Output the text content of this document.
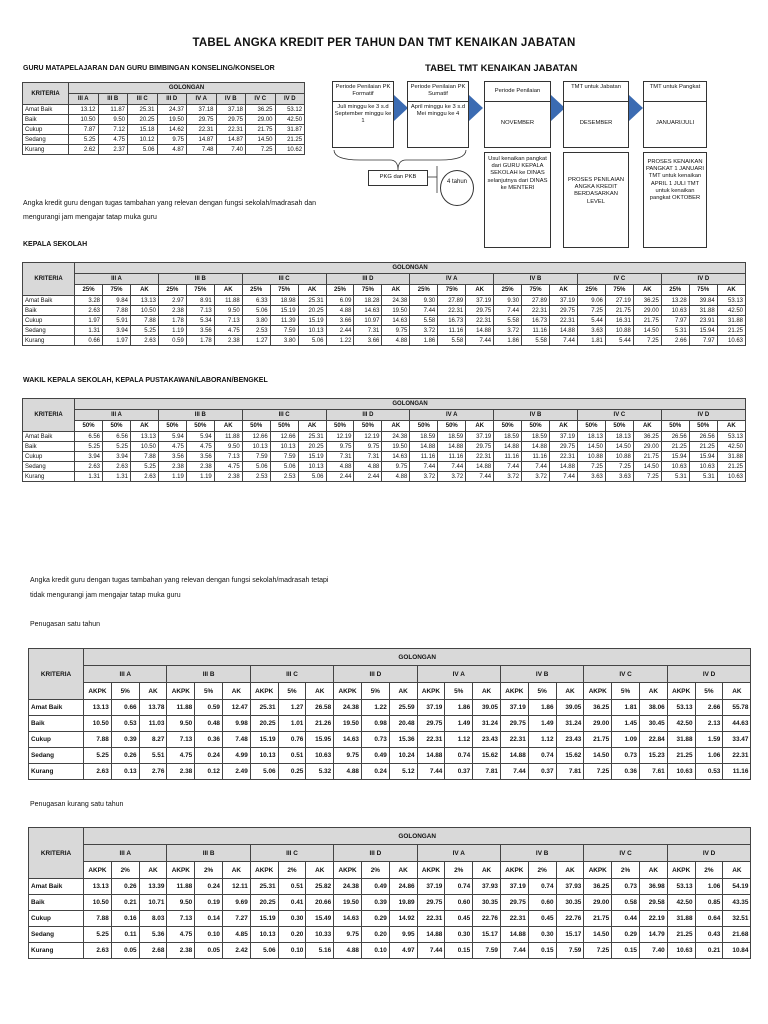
TABEL ANGKA KREDIT PER TAHUN DAN TMT KENAIKAN JABATAN
GURU MATAPELAJARAN DAN GURU BIMBINGAN KONSELING/KONSELOR	TABEL TMT KENAIKAN JABATAN
KRITERIA	GOLONGAN							
	III A	III B	III C	III D	IV A	IV B	IV C	IV D
Amat Baik	13.12	11.87	25.31	24.37	37.18	37.18	36.25	53.12
Baik	10.50	9.50	20.25	19.50	29.75	29.75	29.00	42.50
Cukup	7.87	7.12	15.18	14.62	22.31	22.31	21.75	31.87
Sedang	5.25	4.75	10.12	9.75	14.87	14.87	14.50	21.25
Kurang	2.62	2.37	5.06	4.87	7.48	7.40	7.25	10.62
Angka kredit guru dengan tugas tambahan yang relevan dengan fungsi sekolah/madrasah dan
mengurangi jam mengajar tatap muka guru
KEPALA SEKOLAH
KRITERIA	GOLONGAN																							
	III A			III B			III C			III D			IV A			IV B			IV C			IV D		
	25%	75%	AK	25%	75%	AK	25%	75%	AK	25%	75%	AK	25%	75%	AK	25%	75%	AK	25%	75%	AK	25%	75%	AK
Amat Baik	3.28	9.84	13.13	2.97	8.91	11.88	6.33	18.98	25.31	6.09	18.28	24.38	9.30	27.89	37.19	9.30	27.89	37.19	9.06	27.19	36.25	13.28	39.84	53.13
Baik	2.63	7.88	10.50	2.38	7.13	9.50	5.06	15.19	20.25	4.88	14.63	19.50	7.44	22.31	29.75	7.44	22.31	29.75	7.25	21.75	29.00	10.63	31.88	42.50
Cukup	1.97	5.91	7.88	1.78	5.34	7.13	3.80	11.39	15.19	3.66	10.97	14.63	5.58	16.73	22.31	5.58	16.73	22.31	5.44	16.31	21.75	7.97	23.91	31.88
Sedang	1.31	3.94	5.25	1.19	3.56	4.75	2.53	7.59	10.13	2.44	7.31	9.75	3.72	11.16	14.88	3.72	11.16	14.88	3.63	10.88	14.50	5.31	15.94	21.25
Kurang	0.66	1.97	2.63	0.59	1.78	2.38	1.27	3.80	5.06	1.22	3.66	4.88	1.86	5.58	7.44	1.86	5.58	7.44	1.81	5.44	7.25	2.66	7.97	10.63
WAKIL KEPALA SEKOLAH, KEPALA PUSTAKAWAN/LABORAN/BENGKEL
KRITERIA	GOLONGAN																							
	III A			III B			III C			III D			IV A			IV B			IV C			IV D		
	50%	50%	AK	50%	50%	AK	50%	50%	AK	50%	50%	AK	50%	50%	AK	50%	50%	AK	50%	50%	AK	50%	50%	AK
Amat Baik	6.56	6.56	13.13	5.94	5.94	11.88	12.66	12.66	25.31	12.19	12.19	24.38	18.59	18.59	37.19	18.59	18.59	37.19	18.13	18.13	36.25	26.56	26.56	53.13
Baik	5.25	5.25	10.50	4.75	4.75	9.50	10.13	10.13	20.25	9.75	9.75	19.50	14.88	14.88	29.75	14.88	14.88	29.75	14.50	14.50	29.00	21.25	21.25	42.50
Cukup	3.94	3.94	7.88	3.56	3.56	7.13	7.59	7.59	15.19	7.31	7.31	14.63	11.16	11.16	22.31	11.16	11.16	22.31	10.88	10.88	21.75	15.94	15.94	31.88
Sedang	2.63	2.63	5.25	2.38	2.38	4.75	5.06	5.06	10.13	4.88	4.88	9.75	7.44	7.44	14.88	7.44	7.44	14.88	7.25	7.25	14.50	10.63	10.63	21.25
Kurang	1.31	1.31	2.63	1.19	1.19	2.38	2.53	2.53	5.06	2.44	2.44	4.88	3.72	3.72	7.44	3.72	3.72	7.44	3.63	3.63	7.25	5.31	5.31	10.63
Angka kredit guru dengan tugas tambahan yang relevan dengan fungsi sekolah/madrasah tetapi
tidak mengurangi jam mengajar tatap muka guru
Penugasan satu tahun
KRITERIA	GOLONGAN																							
	III A			III B			III C			III D			IV A			IV B			IV C			IV D		
	AKPK	5%	AK	AKPK	5%	AK	AKPK	5%	AK	AKPK	5%	AK	AKPK	5%	AK	AKPK	5%	AK	AKPK	5%	AK	AKPK	5%	AK
Amat Baik	13.13	0.66	13.78	11.88	0.59	12.47	25.31	1.27	26.58	24.38	1.22	25.59	37.19	1.86	39.05	37.19	1.86	39.05	36.25	1.81	38.06	53.13	2.66	55.78
Baik	10.50	0.53	11.03	9.50	0.48	9.98	20.25	1.01	21.26	19.50	0.98	20.48	29.75	1.49	31.24	29.75	1.49	31.24	29.00	1.45	30.45	42.50	2.13	44.63
Cukup	7.88	0.39	8.27	7.13	0.36	7.48	15.19	0.76	15.95	14.63	0.73	15.36	22.31	1.12	23.43	22.31	1.12	23.43	21.75	1.09	22.84	31.88	1.59	33.47
Sedang	5.25	0.26	5.51	4.75	0.24	4.99	10.13	0.51	10.63	9.75	0.49	10.24	14.88	0.74	15.62	14.88	0.74	15.62	14.50	0.73	15.23	21.25	1.06	22.31
Kurang	2.63	0.13	2.76	2.38	0.12	2.49	5.06	0.25	5.32	4.88	0.24	5.12	7.44	0.37	7.81	7.44	0.37	7.81	7.25	0.36	7.61	10.63	0.53	11.16
Penugasan kurang satu tahun
KRITERIA	GOLONGAN																							
	III A			III B			III C			III D			IV A			IV B			IV C			IV D		
	AKPK	2%	AK	AKPK	2%	AK	AKPK	2%	AK	AKPK	2%	AK	AKPK	2%	AK	AKPK	2%	AK	AKPK	2%	AK	AKPK	2%	AK
Amat Baik	13.13	0.26	13.39	11.88	0.24	12.11	25.31	0.51	25.82	24.38	0.49	24.86	37.19	0.74	37.93	37.19	0.74	37.93	36.25	0.73	36.98	53.13	1.06	54.19
Baik	10.50	0.21	10.71	9.50	0.19	9.69	20.25	0.41	20.66	19.50	0.39	19.89	29.75	0.60	30.35	29.75	0.60	30.35	29.00	0.58	29.58	42.50	0.85	43.35
Cukup	7.88	0.16	8.03	7.13	0.14	7.27	15.19	0.30	15.49	14.63	0.29	14.92	22.31	0.45	22.76	22.31	0.45	22.76	21.75	0.44	22.19	31.88	0.64	32.51
Sedang	5.25	0.11	5.36	4.75	0.10	4.85	10.13	0.20	10.33	9.75	0.20	9.95	14.88	0.30	15.17	14.88	0.30	15.17	14.50	0.29	14.79	21.25	0.43	21.68
Kurang	2.63	0.05	2.68	2.38	0.05	2.42	5.06	0.10	5.16	4.88	0.10	4.97	7.44	0.15	7.59	7.44	0.15	7.59	7.25	0.15	7.40	10.63	0.21	10.84
Periode Penilaian PK Formatif
Juli minggu ke 3 s.d September minggu ke 1
Periode Penilaian PK Sumatif
April minggu ke 3 s.d Mei minggu ke 4
Periode Penilaian
NOVEMBER
TMT untuk Jabatan
DESEMBER
TMT untuk Pangkat
JANUARI/JULI
PKG dan PKB
4 tahun
Usul kenaikan pangkat dari GURU KEPALA SEKOLAH ke DINAS selanjutnya dari DINAS ke MENTERI
PROSES PENILAIAN ANGKA KREDIT BERDASARKAN LEVEL
PROSES KENAIKAN PANGKAT 1 JANUARI TMT untuk kenaikan APRIL 1 JULI TMT untuk kenaikan pangkat OKTOBER
